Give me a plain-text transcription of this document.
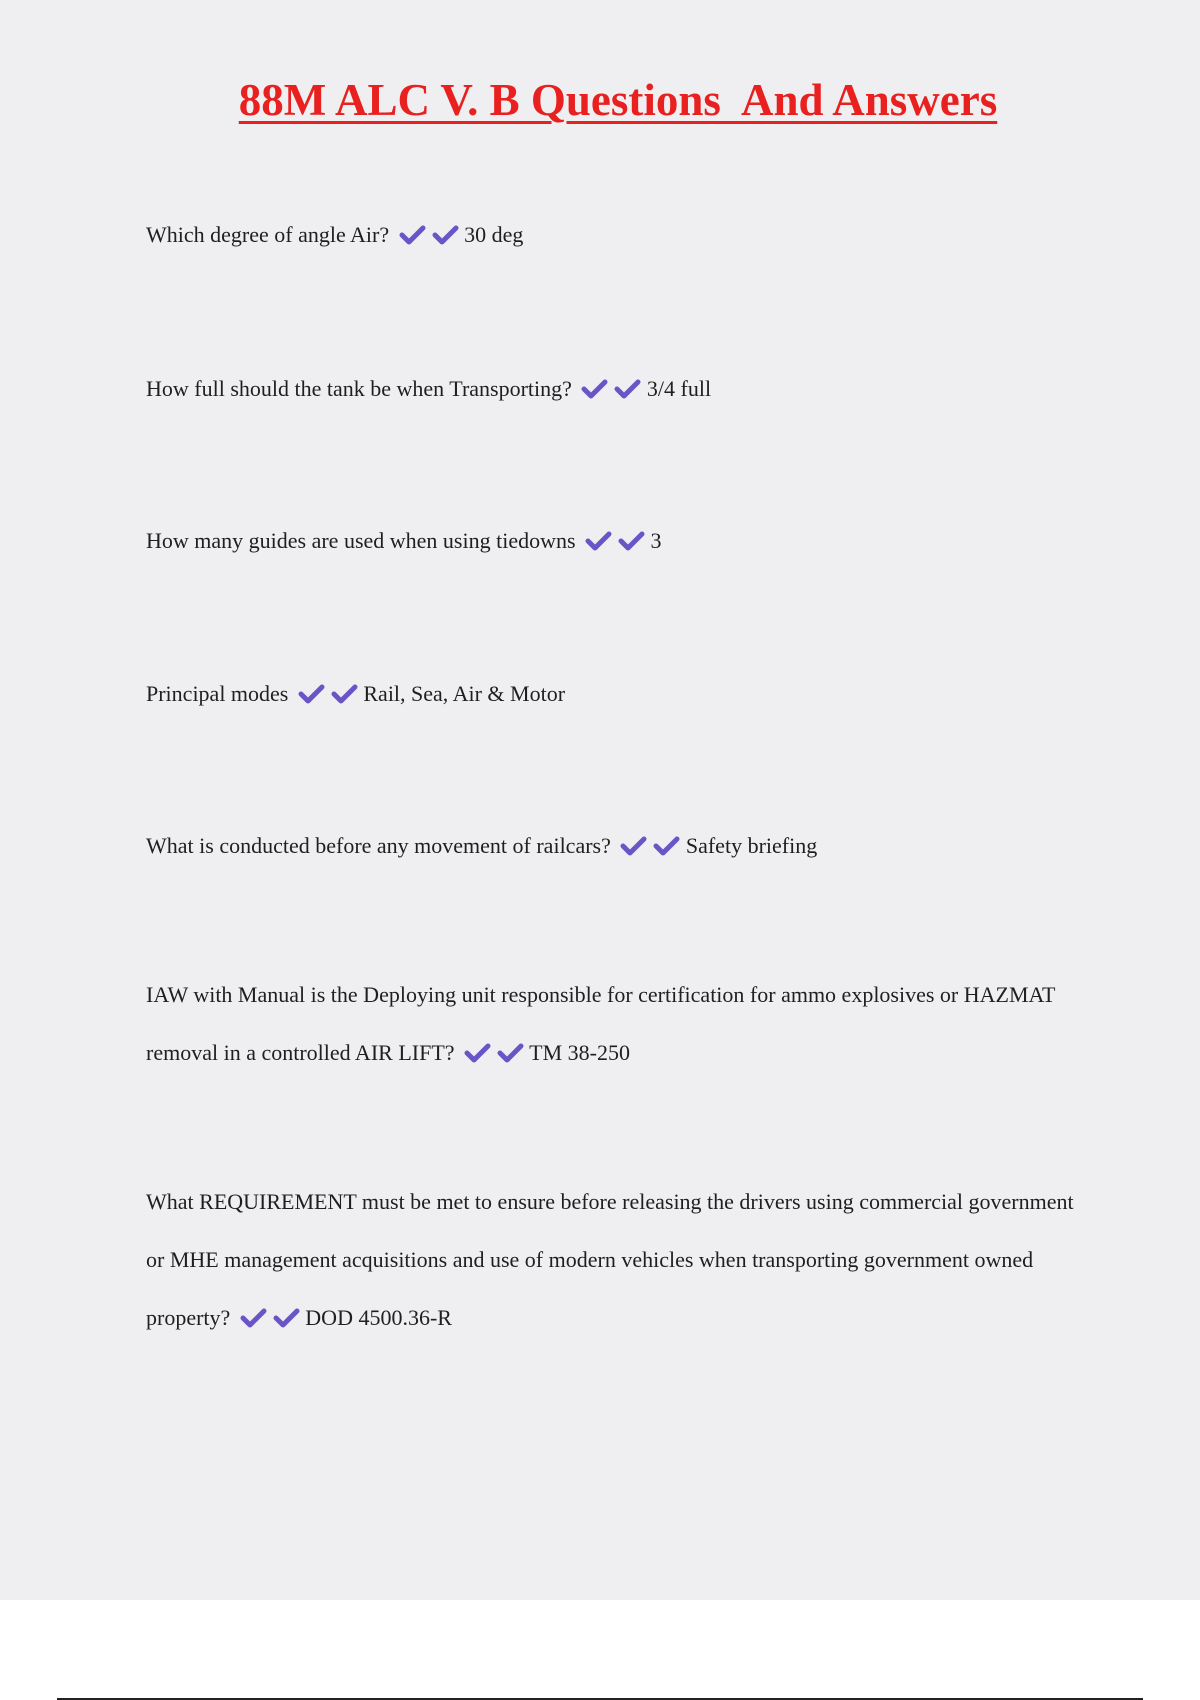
88M ALC V. B Questions  And Answers
Which degree of angle Air?	30 deg
How full should the tank be when Transporting?	3/4 full
How many guides are used when using tiedowns	3
Principal modes	Rail, Sea, Air & Motor
What is conducted before any movement of railcars?	Safety briefing
IAW with Manual is the Deploying unit responsible for certification for ammo explosives or HAZMAT removal in a controlled AIR LIFT?	TM 38-250
What REQUIREMENT must be met to ensure before releasing the drivers using commercial government or MHE management acquisitions and use of modern vehicles when transporting government owned property?	DOD 4500.36-R
